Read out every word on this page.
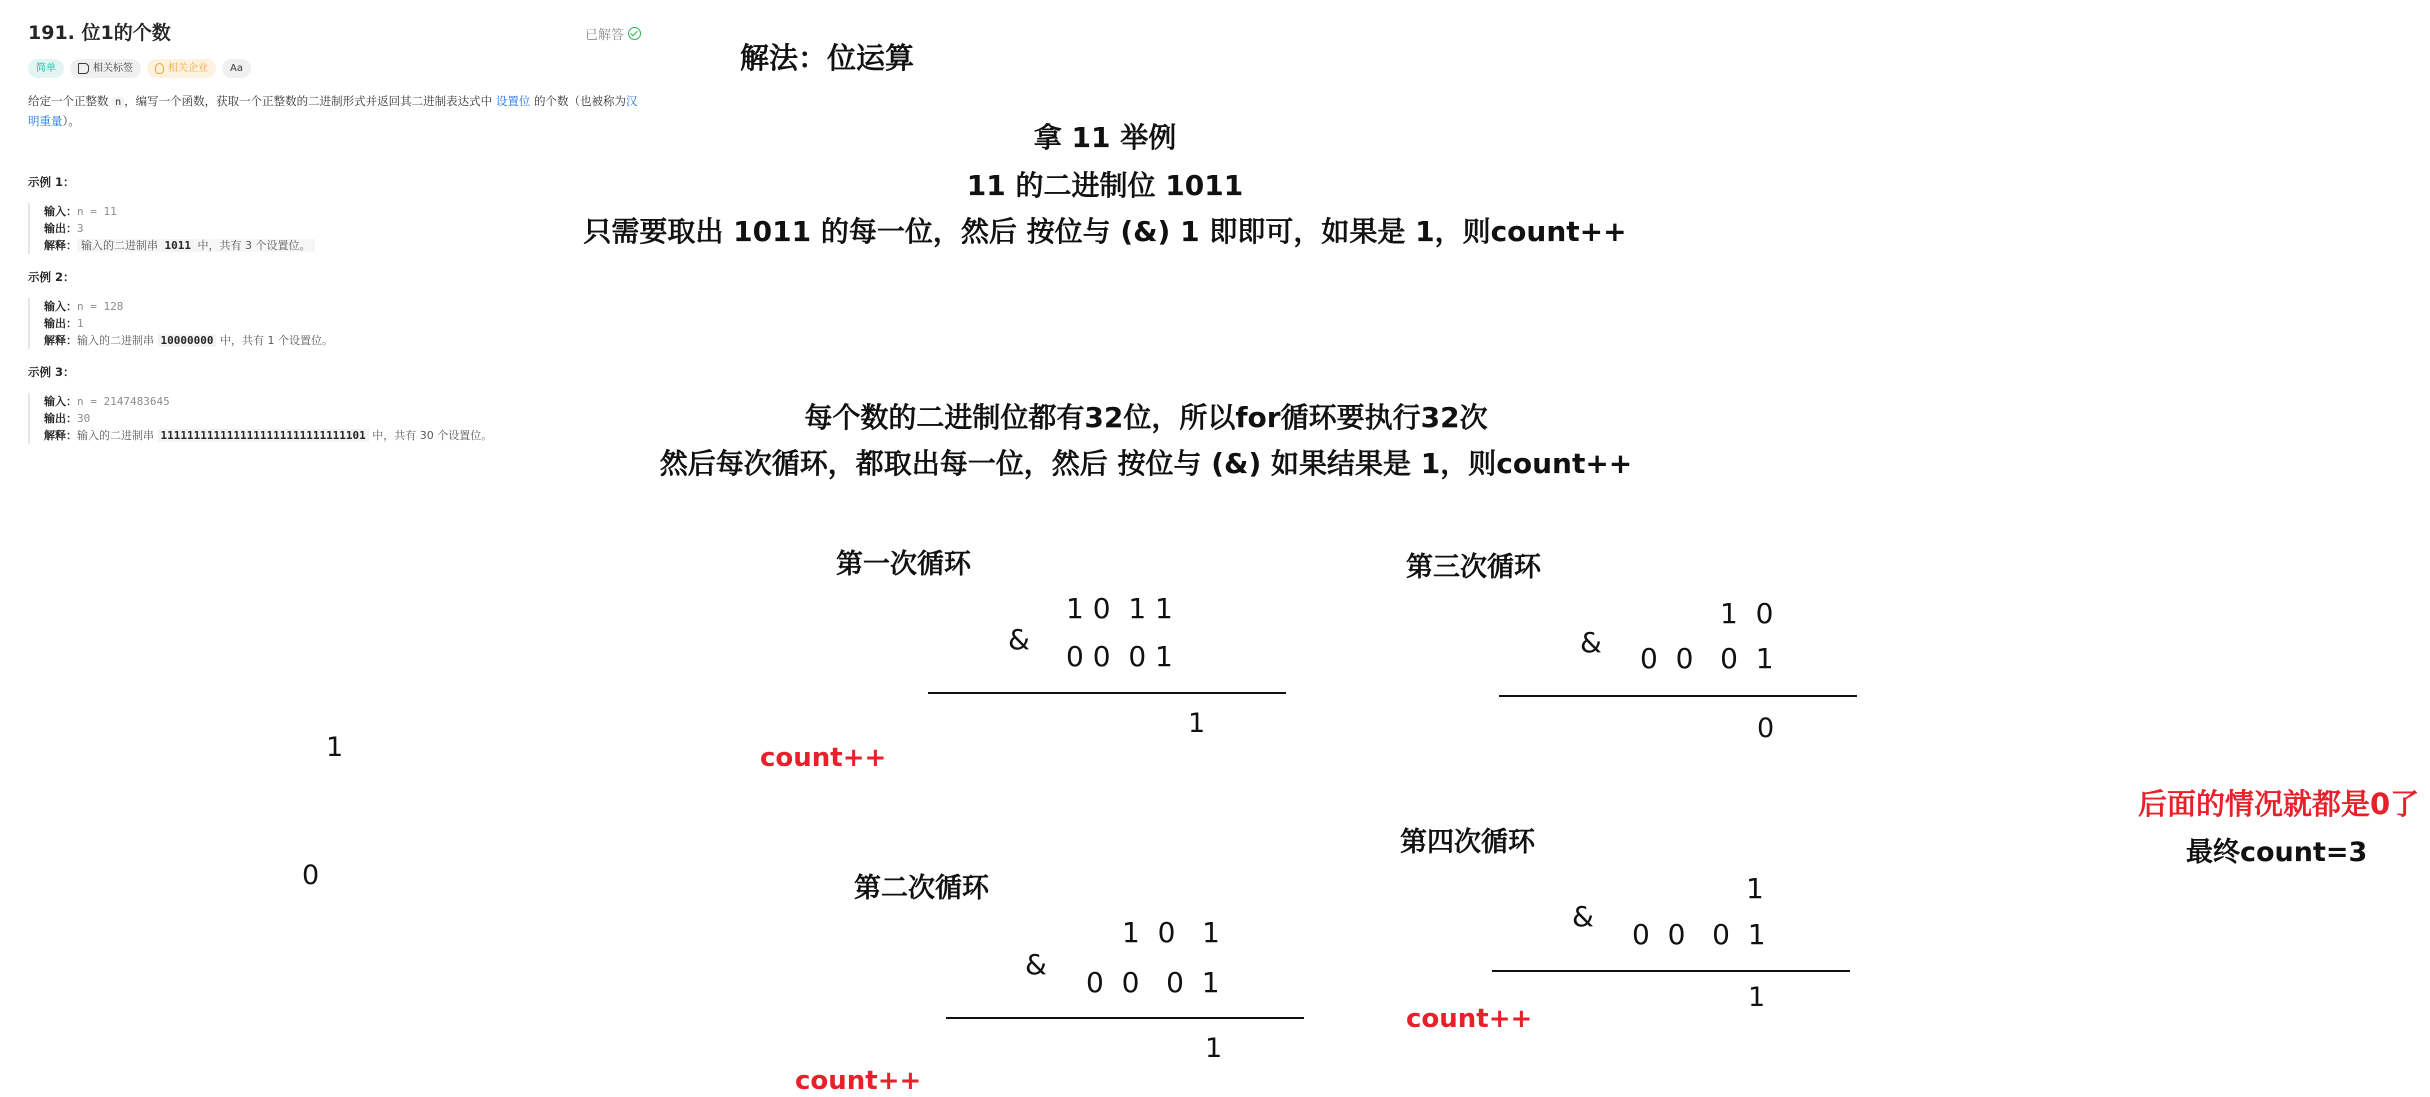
191. 位1的个数	已解答
简单	相关标签	相关企业	Aa
给定一个正整数 n ，编写一个函数，获取一个正整数的二进制形式并返回其二进制表达式中 设置位 的个数（也被称为汉明重量）。
示例 1：
输入：n = 11
输出：3
解释： 输入的二进制串 1011 中，共有 3 个设置位。
示例 2：
输入：n = 128
输出：1
解释：输入的二进制串 10000000 中，共有 1 个设置位。
示例 3：
输入：n = 2147483645
输出：30
解释：输入的二进制串 1111111111111111111111111111101 中，共有 30 个设置位。
1
0
解法：位运算
拿 11 举例
11 的二进制位 1011
只需要取出 1011 的每一位，然后 按位与 (&) 1 即即可，如果是 1，则count++
每个数的二进制位都有32位，所以for循环要执行32次
然后每次循环，都取出每一位，然后 按位与 (&) 如果结果是 1，则count++
第一次循环
1 0  1 1
&
0 0  0 1
1
count++
第二次循环
1  0   1
&
0  0   0  1
1
count++
第三次循环
1  0
& 0  0   0  1
0
第四次循环
1
&
0  0   0  1
1
count++
后面的情况就都是0了
最终count=3
